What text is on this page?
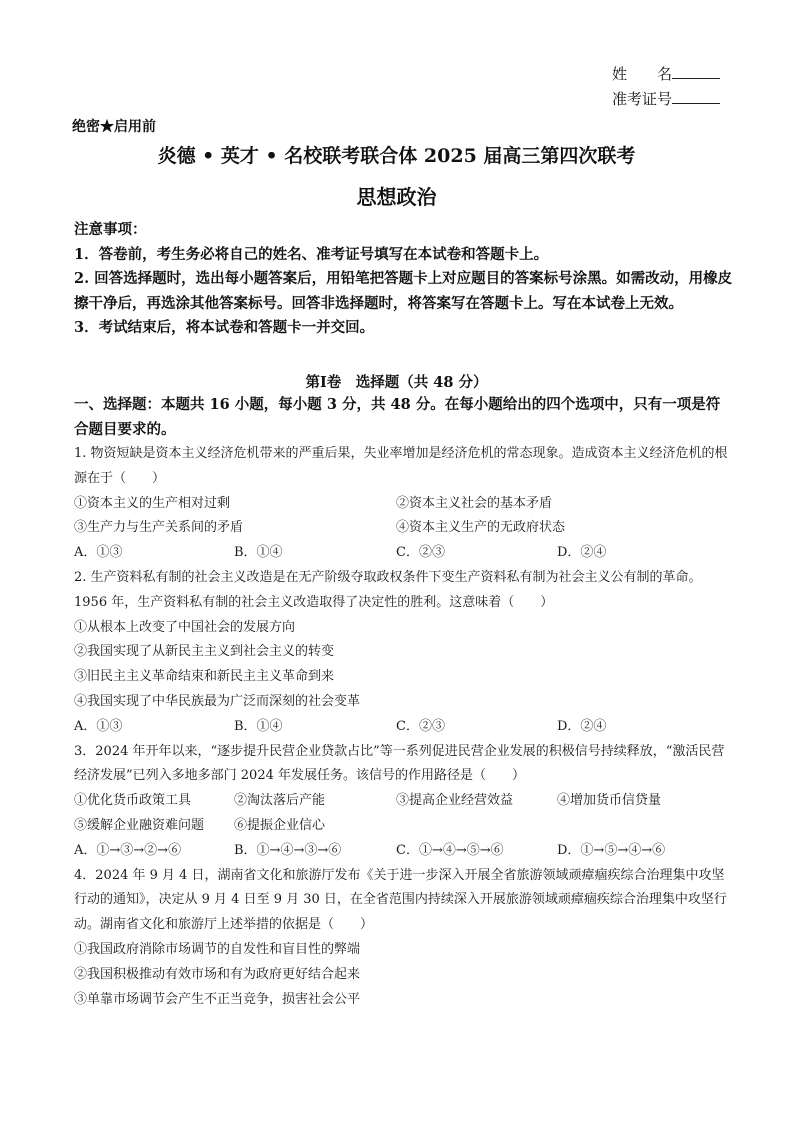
姓　　名
准考证号
绝密★启用前
炎德 • 英才 • 名校联考联合体 2025 届高三第四次联考
思想政治
注意事项：
1．答卷前，考生务必将自己的姓名、准考证号填写在本试卷和答题卡上。
2. 回答选择题时，选出每小题答案后，用铅笔把答题卡上对应题目的答案标号涂黑。如需改动，用橡皮擦干净后，再选涂其他答案标号。回答非选择题时，将答案写在答题卡上。写在本试卷上无效。
3．考试结束后，将本试卷和答题卡一并交回。
第Ⅰ卷　选择题（共 48 分）
一、选择题：本题共 16 小题，每小题 3 分，共 48 分。在每小题给出的四个选项中，只有一项是符合题目要求的。

1. 物资短缺是资本主义经济危机带来的严重后果，失业率增加是经济危机的常态现象。造成资本主义经济危机的根源在于（　　）

①资本主义的生产相对过剩	②资本主义社会的基本矛盾
③生产力与生产关系间的矛盾	④资本主义生产的无政府状态
A．①③	B．①④	C．②③	D．②④

2. 生产资料私有制的社会主义改造是在无产阶级夺取政权条件下变生产资料私有制为社会主义公有制的革命。1956 年，生产资料私有制的社会主义改造取得了决定性的胜利。这意味着（　　）

①从根本上改变了中国社会的发展方向

②我国实现了从新民主主义到社会主义的转变

③旧民主主义革命结束和新民主主义革命到来

④我国实现了中华民族最为广泛而深刻的社会变革

A．①③	B．①④	C．②③	D．②④

3．2024 年开年以来，“逐步提升民营企业贷款占比”等一系列促进民营企业发展的积极信号持续释放，“激活民营经济发展”已列入多地多部门 2024 年发展任务。该信号的作用路径是（　　）

①优化货币政策工具	②淘汰落后产能	③提高企业经营效益	④增加货币信贷量
⑤缓解企业融资难问题 ⑥提振企业信心
A．①→③→②→⑥	B．①→④→③→⑥	C．①→④→⑤→⑥	D．①→⑤→④→⑥

4．2024 年 9 月 4 日，湖南省文化和旅游厅发布《关于进一步深入开展全省旅游领域顽瘴痼疾综合治理集中攻坚行动的通知》，决定从 9 月 4 日至 9 月 30 日，在全省范围内持续深入开展旅游领域顽瘴痼疾综合治理集中攻坚行动。湖南省文化和旅游厅上述举措的依据是（　　）

①我国政府消除市场调节的自发性和盲目性的弊端

②我国积极推动有效市场和有为政府更好结合起来

③单靠市场调节会产生不正当竞争，损害社会公平
